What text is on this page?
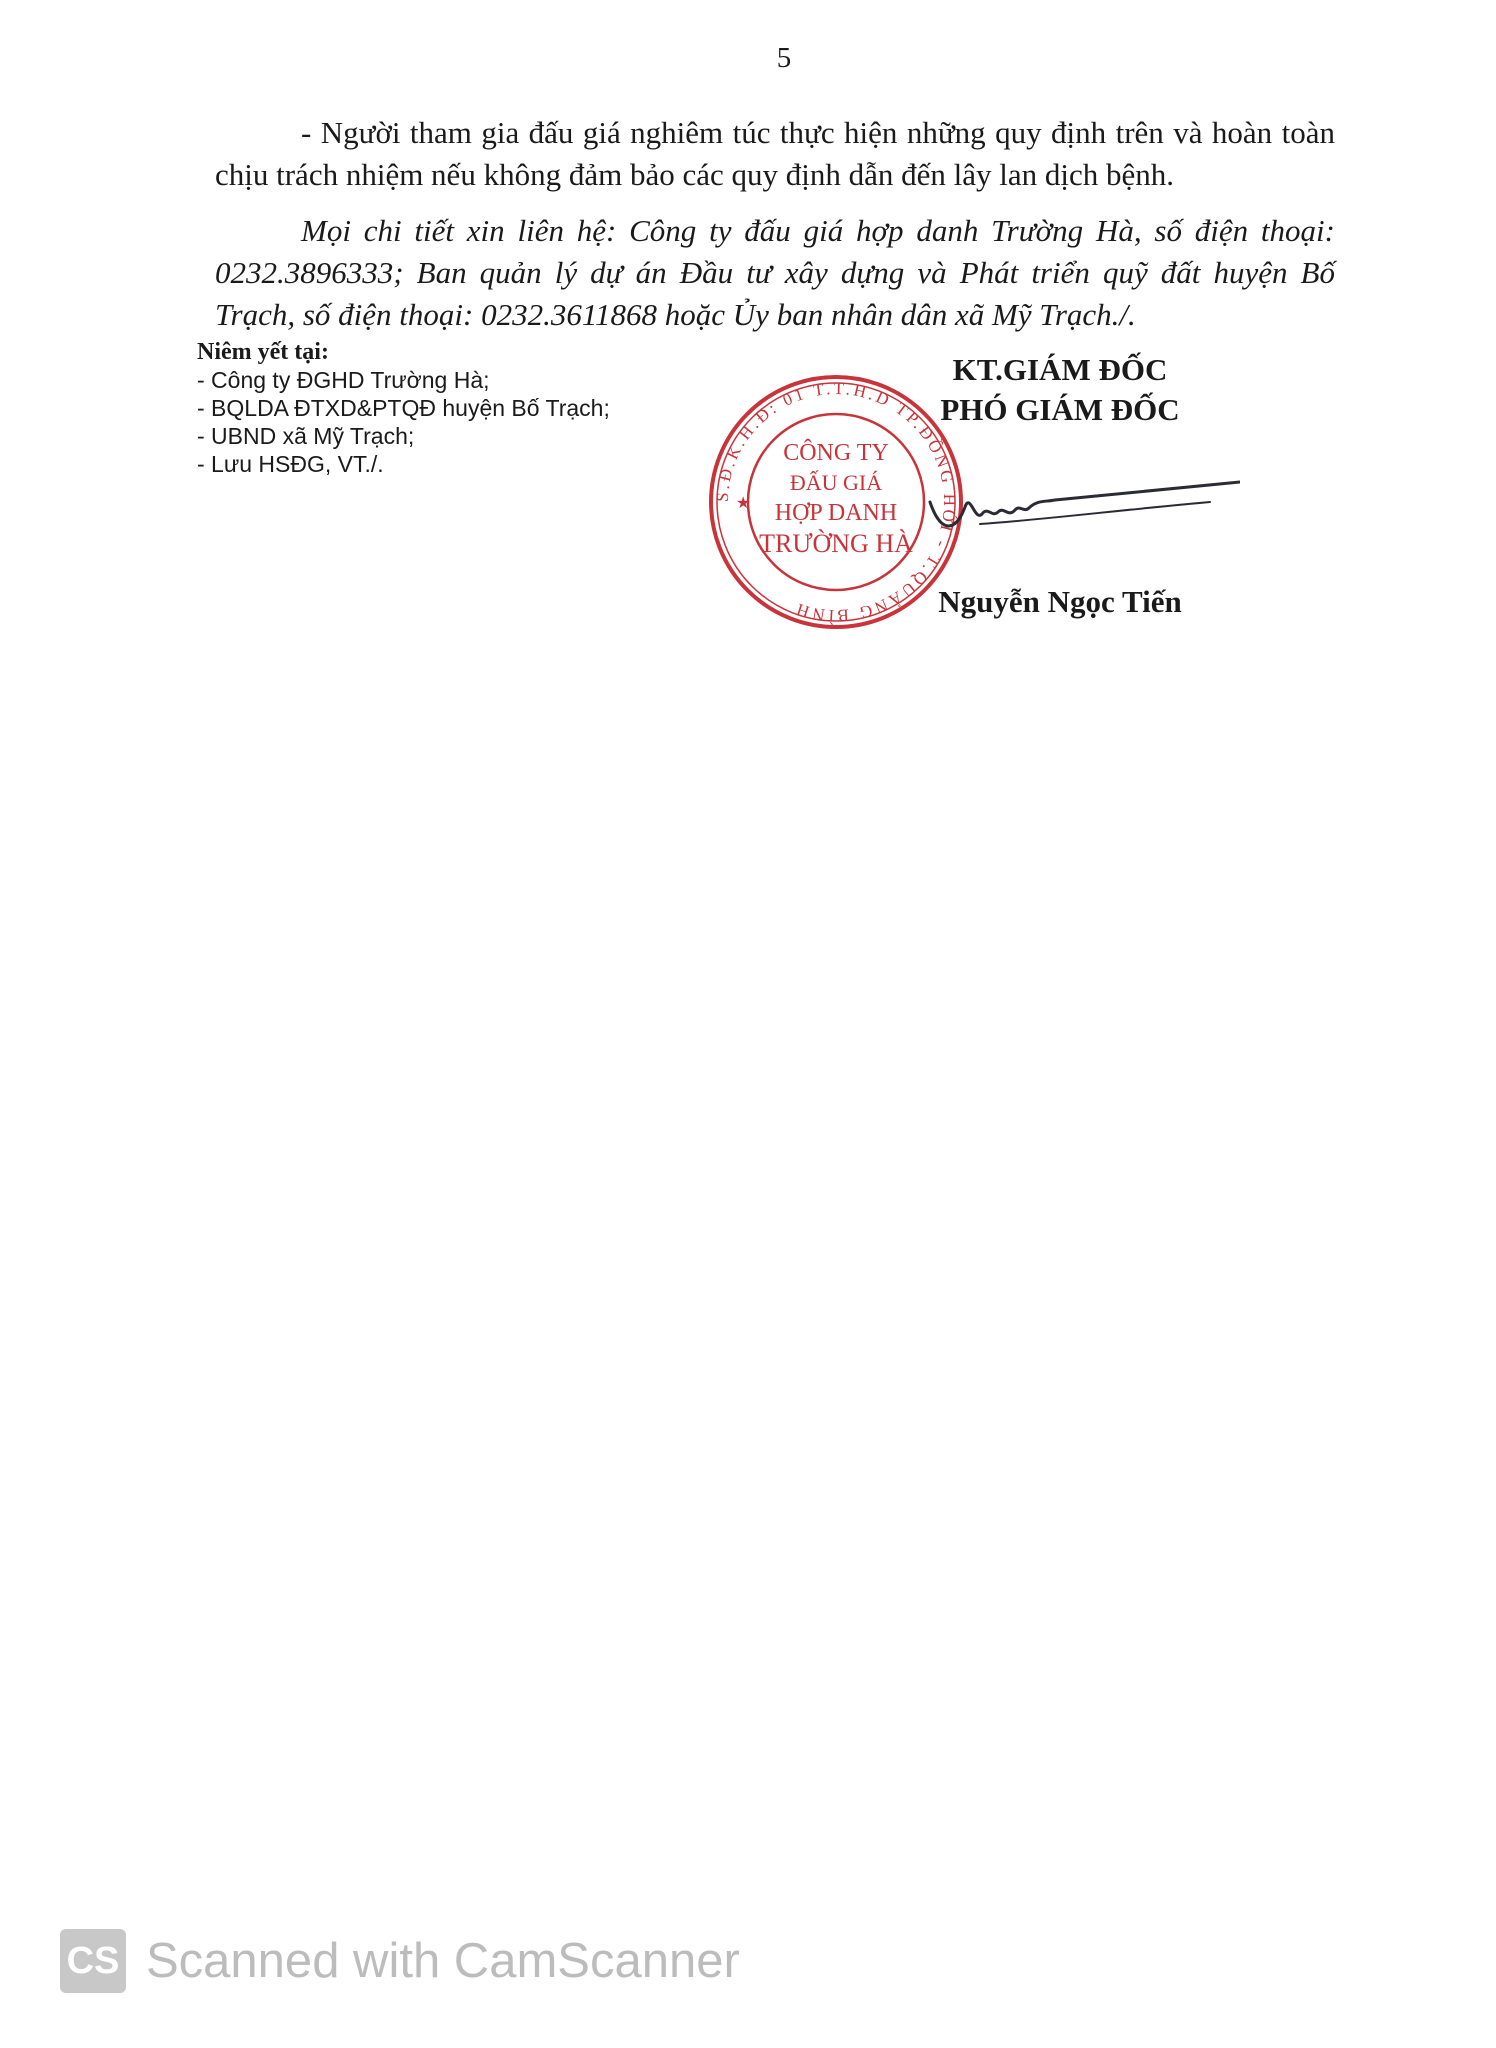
5
- Người tham gia đấu giá nghiêm túc thực hiện những quy định trên và hoàn toàn chịu trách nhiệm nếu không đảm bảo các quy định dẫn đến lây lan dịch bệnh.
Mọi chi tiết xin liên hệ: Công ty đấu giá hợp danh Trường Hà, số điện thoại: 0232.3896333; Ban quản lý dự án Đầu tư xây dựng và Phát triển quỹ đất huyện Bố Trạch, số điện thoại: 0232.3611868 hoặc Ủy ban nhân dân xã Mỹ Trạch./.
Niêm yết tại:
- Công ty ĐGHD Trường Hà;
- BQLDA ĐTXD&PTQĐ huyện Bố Trạch;
- UBND xã Mỹ Trạch;
- Lưu HSĐG, VT./.
KT.GIÁM ĐỐC
PHÓ GIÁM ĐỐC
Nguyễn Ngọc Tiến
S.Đ.K.H.Đ: 01 T.T.H.D TP.ĐỒNG HỚI - T.QUẢNG BÌNH
★
CÔNG TY
ĐẤU GIÁ
HỢP DANH
TRƯỜNG HÀ
CS Scanned with CamScanner
